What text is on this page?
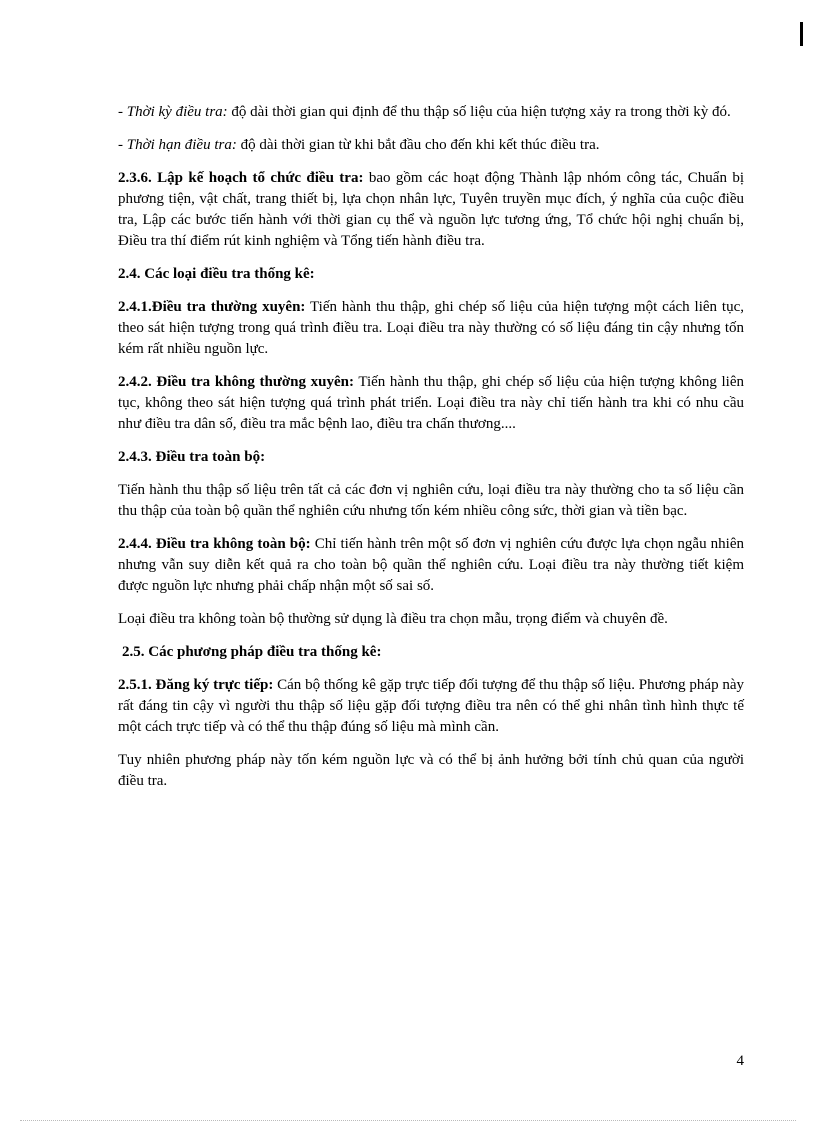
- Thời kỳ điều tra: độ dài thời gian qui định để thu thập số liệu của hiện tượng xảy ra trong thời kỳ đó.

- Thời hạn điều tra: độ dài thời gian từ khi bắt đầu cho đến khi kết thúc điều tra.

2.3.6. Lập kế hoạch tổ chức điều tra: bao gồm các hoạt động Thành lập nhóm công tác, Chuẩn bị phương tiện, vật chất, trang thiết bị, lựa chọn nhân lực, Tuyên truyền mục đích, ý nghĩa của cuộc điều tra, Lập các bước tiến hành với thời gian cụ thể và nguồn lực tương ứng, Tổ chức hội nghị chuẩn bị, Điều tra thí điểm rút kinh nghiệm và Tổng tiến hành điều tra.

2.4. Các loại điều tra thống kê:

2.4.1.Điều tra thường xuyên: Tiến hành thu thập, ghi chép số liệu của hiện tượng một cách liên tục, theo sát hiện tượng trong quá trình điều tra. Loại điều tra này thường có số liệu đáng tin cậy nhưng tốn kém rất nhiều nguồn lực.

2.4.2. Điều tra không thường xuyên: Tiến hành thu thập, ghi chép số liệu của hiện tượng không liên tục, không theo sát hiện tượng quá trình phát triển. Loại điều tra này chỉ tiến hành tra khi có nhu cầu như điều tra dân số, điều tra mắc bệnh lao, điều tra chấn thương....

2.4.3. Điều tra toàn bộ:

Tiến hành thu thập số liệu trên tất cả các đơn vị nghiên cứu, loại điều tra này thường cho ta số liệu cần thu thập của toàn bộ quần thể nghiên cứu nhưng tốn kém nhiều công sức, thời gian và tiền bạc.

2.4.4. Điều tra không toàn bộ: Chỉ tiến hành trên một số đơn vị nghiên cứu được lựa chọn ngẫu nhiên nhưng vẫn suy diễn kết quả ra cho toàn bộ quần thể nghiên cứu. Loại điều tra này thường tiết kiệm được nguồn lực nhưng phải chấp nhận một số sai số.

Loại điều tra không toàn bộ thường sử dụng là điều tra chọn mẫu, trọng điểm và chuyên đề.

2.5. Các phương pháp điều tra thống kê:

2.5.1. Đăng ký trực tiếp: Cán bộ thống kê gặp trực tiếp đối tượng để thu thập số liệu. Phương pháp này rất đáng tin cậy vì người thu thập số liệu gặp đối tượng điều tra nên có thể ghi nhân tình hình thực tế một cách trực tiếp và có thể thu thập đúng số liệu mà mình cần.

Tuy nhiên phương pháp này tốn kém nguồn lực và có thể bị ảnh hưởng bởi tính chủ quan của người điều tra.

4
